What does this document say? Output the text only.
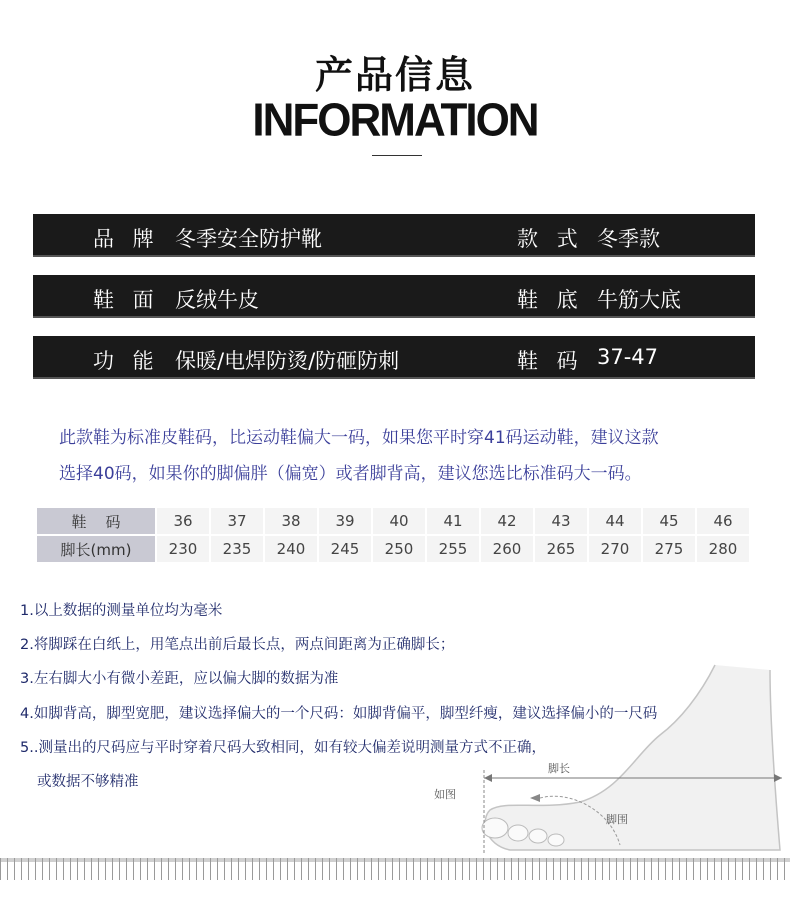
产品信息
INFORMATION
品 牌 冬季安全防护靴	款 式 冬季款
鞋 面 反绒牛皮	鞋 底 牛筋大底
功 能 保暖/电焊防烫/防砸防刺	鞋 码 37-47
此款鞋为标准皮鞋码，比运动鞋偏大一码，如果您平时穿41码运动鞋，建议这款
选择40码，如果你的脚偏胖（偏宽）或者脚背高，建议您选比标准码大一码。
鞋    码	36	37	38	39	40	41	42	43	44	45	46
脚长(mm)	230	235	240	245	250	255	260	265	270	275	280
脚长
如图
脚围
1.以上数据的测量单位均为毫米
2.将脚踩在白纸上，用笔点出前后最长点，两点间距离为正确脚长；
3.左右脚大小有微小差距，应以偏大脚的数据为准
4.如脚背高，脚型宽肥，建议选择偏大的一个尺码：如脚背偏平，脚型纤瘦，建议选择偏小的一尺码
5..测量出的尺码应与平时穿着尺码大致相同，如有较大偏差说明测量方式不正确，
或数据不够精准
